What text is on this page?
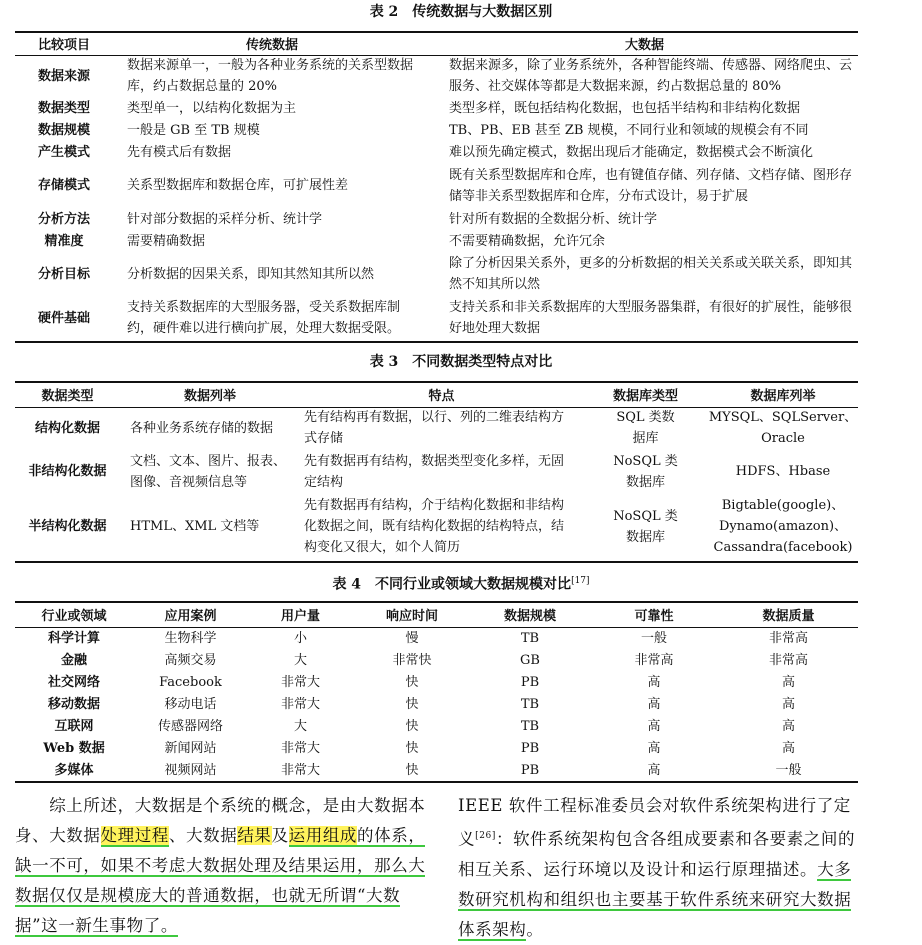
表 2　传统数据与大数据区别
比较项目	传统数据	大数据
数据来源	数据来源单一，一般为各种业务系统的关系型数据库，约占数据总量的 20%	数据来源多，除了业务系统外，各种智能终端、传感器、网络爬虫、云服务、社交媒体等都是大数据来源，约占数据总量的 80%
数据类型	类型单一，以结构化数据为主	类型多样，既包括结构化数据，也包括半结构和非结构化数据
数据规模	一般是 GB 至 TB 规模	TB、PB、EB 甚至 ZB 规模，不同行业和领域的规模会有不同
产生模式	先有模式后有数据	难以预先确定模式，数据出现后才能确定，数据模式会不断演化
存储模式	关系型数据库和数据仓库，可扩展性差	既有关系型数据库和仓库，也有键值存储、列存储、文档存储、图形存储等非关系型数据库和仓库，分布式设计，易于扩展
分析方法	针对部分数据的采样分析、统计学	针对所有数据的全数据分析、统计学
精准度	需要精确数据	不需要精确数据，允许冗余
分析目标	分析数据的因果关系，即知其然知其所以然	除了分析因果关系外，更多的分析数据的相关关系或关联关系，即知其然不知其所以然
硬件基础	支持关系数据库的大型服务器，受关系数据库制约，硬件难以进行横向扩展，处理大数据受限。	支持关系和非关系数据库的大型服务器集群，有很好的扩展性，能够很好地处理大数据
表 3　不同数据类型特点对比
数据类型	数据列举	特点	数据库类型	数据库列举
结构化数据	各种业务系统存储的数据	先有结构再有数据，以行、列的二维表结构方式存储	SQL 类数据库	MYSQL、SQLServer、Oracle
非结构化数据	文档、文本、图片、报表、图像、音视频信息等	先有数据再有结构，数据类型变化多样，无固定结构	NoSQL 类数据库	HDFS、Hbase
半结构化数据	HTML、XML 文档等	先有数据再有结构，介于结构化数据和非结构化数据之间，既有结构化数据的结构特点，结构变化又很大，如个人简历	NoSQL 类数据库	Bigtable(google)、Dynamo(amazon)、Cassandra(facebook)
表 4　不同行业或领域大数据规模对比[17]
行业或领域	应用案例	用户量	响应时间	数据规模	可靠性	数据质量
科学计算	生物科学	小	慢	TB	一般	非常高
金融	高频交易	大	非常快	GB	非常高	非常高
社交网络	Facebook	非常大	快	PB	高	高
移动数据	移动电话	非常大	快	TB	高	高
互联网	传感器网络	大	快	TB	高	高
Web 数据	新闻网站	非常大	快	PB	高	高
多媒体	视频网站	非常大	快	PB	高	一般
　　综上所述，大数据是个系统的概念，是由大数据本身、大数据处理过程、大数据结果及运用组成的体系，缺一不可，如果不考虑大数据处理及结果运用，那么大数据仅仅是规模庞大的普通数据，也就无所谓“大数据”这一新生事物了。
IEEE 软件工程标准委员会对软件系统架构进行了定义[26]：软件系统架构包含各组成要素和各要素之间的相互关系、运行环境以及设计和运行原理描述。大多数研究机构和组织也主要基于软件系统来研究大数据体系架构。
